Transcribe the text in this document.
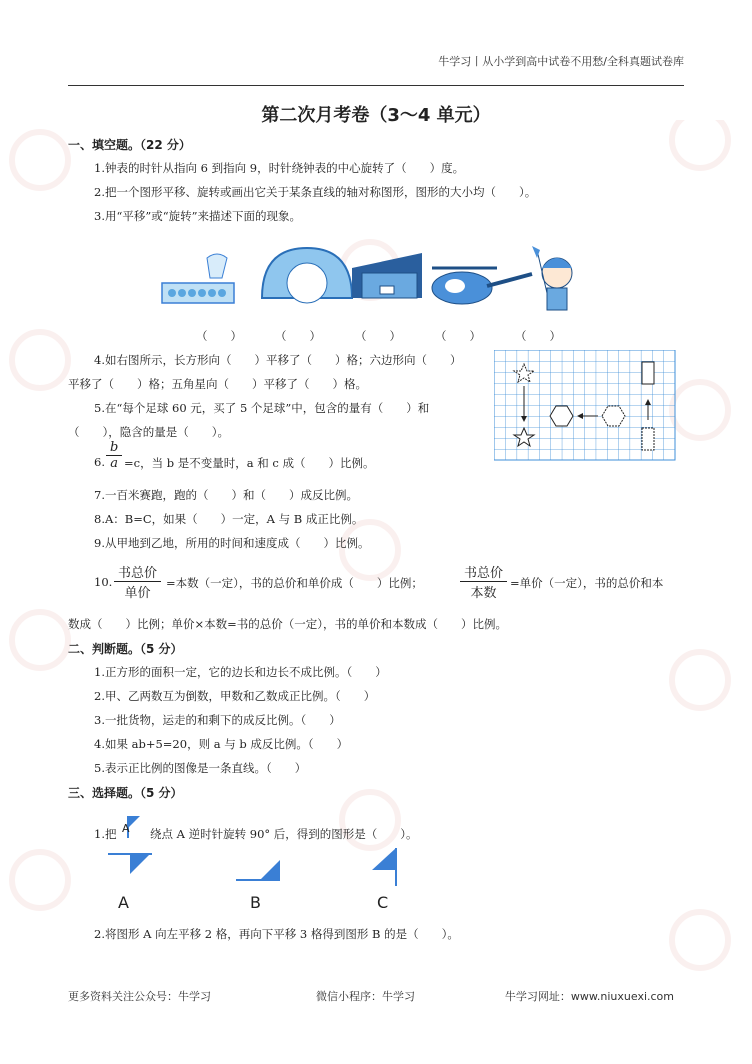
牛学习丨从小学到高中试卷不用愁/全科真题试卷库
第二次月考卷（3～4 单元）
一、填空题。（22 分）
1.钟表的时针从指向 6 到指向 9，时针绕钟表的中心旋转了（　　）度。
2.把一个图形平移、旋转或画出它关于某条直线的轴对称图形，图形的大小均（　　）。
3.用“平移”或“旋转”来描述下面的现象。
（　　）	（　　）	（　　）	（　　）	（　　）
4.如右图所示，长方形向（　　）平移了（　　）格；六边形向（　　）
平移了（　　）格；五角星向（　　）平移了（　　）格。
5.在“每个足球 60 元，买了 5 个足球”中，包含的量有（　　）和
（　　），隐含的量是（　　）。
6.
b
a =c，当 b 是不变量时，a 和 c 成（　　）比例。
7.一百米赛跑，跑的（　　）和（　　）成反比例。
8.A：B=C，如果（　　）一定，A 与 B 成正比例。
9.从甲地到乙地，所用的时间和速度成（　　）比例。
10.
书总价
单价
=本数（一定），书的总价和单价成（　　）比例；
书总价
本数
=单价（一定），书的总价和本
数成（　　）比例；单价×本数=书的总价（一定），书的单价和本数成（　　）比例。
二、判断题。（5 分）
1.正方形的面积一定，它的边长和边长不成比例。（　　）
2.甲、乙两数互为倒数，甲数和乙数成正比例。（　　）
3.一批货物，运走的和剩下的成反比例。（　　）
4.如果 ab+5=20，则 a 与 b 成反比例。（　　）
5.表示正比例的图像是一条直线。（　　）
三、选择题。（5 分）
1.把 A 绕点 A 逆时针旋转 90° 后，得到的图形是（　　）。
A	B	C
2.将图形 A 向左平移 2 格，再向下平移 3 格得到图形 B 的是（　　）。
更多资料关注公众号：牛学习	微信小程序：牛学习	牛学习网址：www.niuxuexi.com
